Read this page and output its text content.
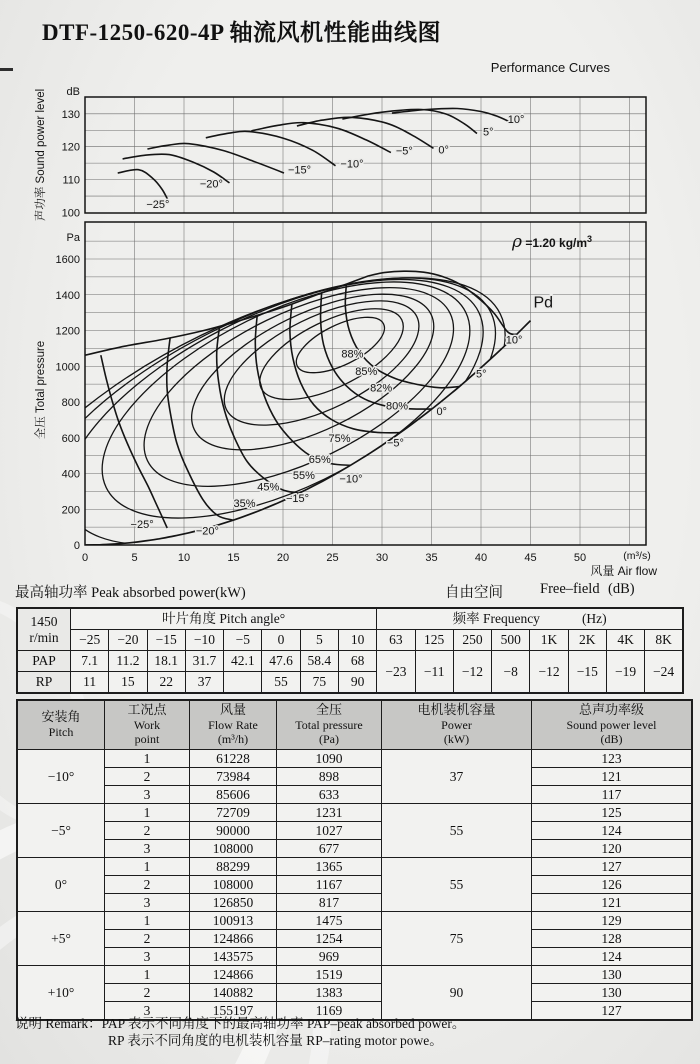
DTF-1250-620-4P 轴流风机性能曲线图
Performance Curves
−25°
−20°
−15°
−10°
−5° 0°
5°
10°
130
120
110
100
dB
声功率 Sound power level
88%
85%
82%
80%
75%
65%
55%
45%
35%
−25°
−20°
−15°
−10°
−5°
0°
5°
10°
Pd
ρ =1.20 $kg/m^3$
1600
1400
1200
1000
800
600
400
200
0
Pa
0	5	10	15	20	25	30	35	40	45	50	(m³/s)
风量 Air flow
全压 Total pressure
最高轴功率 Peak absorbed power(kW)	自由空间	Free–field (dB)
1450
r/min	叶片角度 Pitch angle°								频率 Frequency (Hz)							
	−25	−20	−15	−10	−5	0	5	10	63	125	250	500	1K	2K	4K	8K
PAP	7.1	11.2	18.1	31.7	42.1	47.6	58.4	68	−23	−11	−12	−8	−12	−15	−19	−24
RP	11	15	22	37		55	75	90								
安装角
Pitch	工况点
Work
point	风量
Flow Rate
(m³/h)	全压
Total pressure
(Pa)	电机装机容量
Power
(kW)	总声功率级
Sound power level
(dB)
−10°	1	61228	1090	37	123
	2	73984	898		121
	3	85606	633		117
−5°	1	72709	1231	55	125
	2	90000	1027		124
	3	108000	677		120
0°	1	88299	1365	55	127
	2	108000	1167		126
	3	126850	817		121
+5°	1	100913	1475	75	129
	2	124866	1254		128
	3	143575	969		124
+10°	1	124866	1519	90	130
	2	140882	1383		130
	3	155197	1169		127
说明 Remark：PAP 表示不同角度下的最高轴功率 PAP–peak absorbed power。
RP 表示不同角度的电机装机容量 RP–rating motor powe。
